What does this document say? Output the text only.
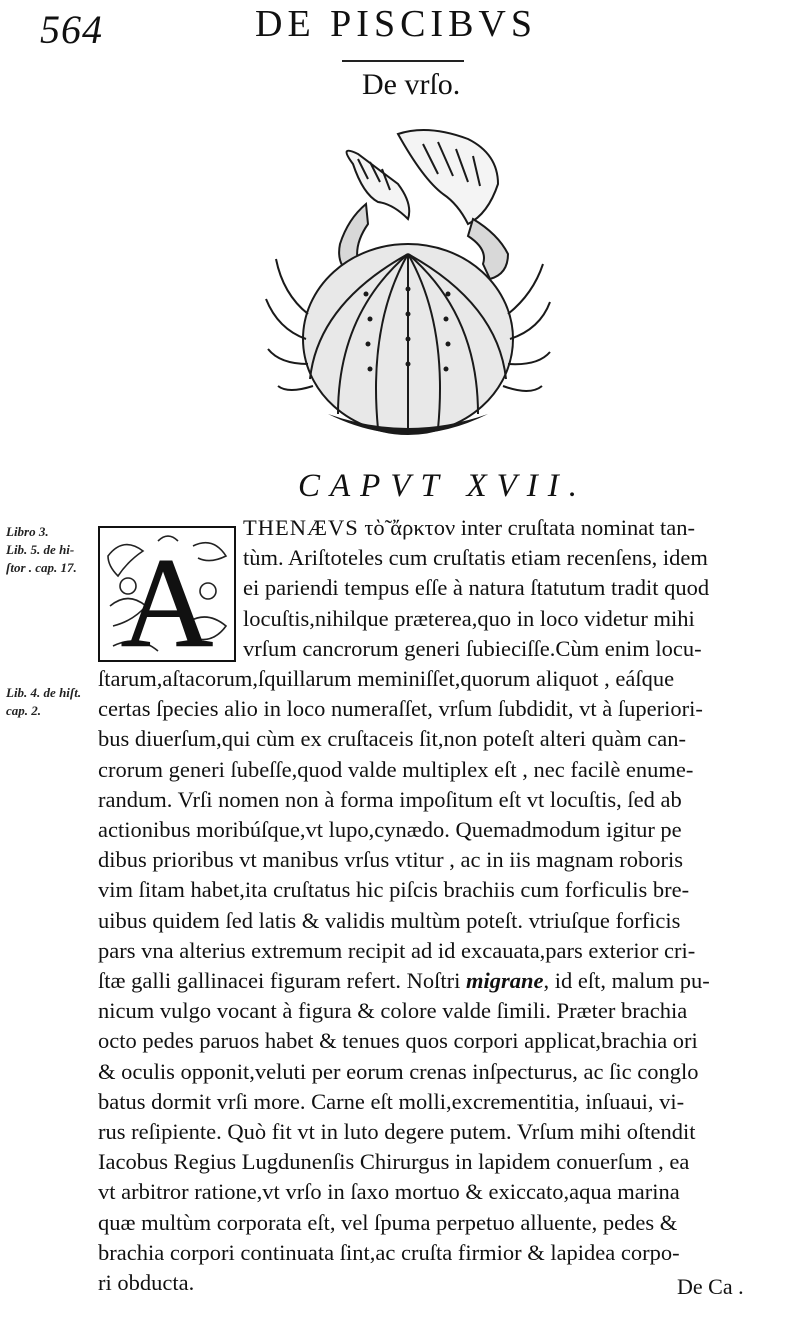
564	DE PISCIBVS
De vrſo.
CAPVT XVII.
Libro 3.
Lib. 5. de hi-
ſtor . cap. 17.
Lib. 4. de hiſt.
cap. 2.
A
THENÆVS τὸ̃ ἄρκτον inter cruſtata nominat tan-
tùm. Ariſtoteles cum cruſtatis etiam recenſens, idem
ei pariendi tempus eſſe à natura ſtatutum tradit quod
locuſtis,nihilque præterea,quo in loco videtur mihi
vrſum cancrorum generi ſubieciſſe.Cùm enim locu-
ſtarum,aſtacorum,ſquillarum meminiſſet,quorum aliquot , eáſque
certas ſpecies alio in loco numeraſſet, vrſum ſubdidit, vt à ſuperiori-
bus diuerſum,qui cùm ex cruſtaceis ſit,non poteſt alteri quàm can-
crorum generi ſubeſſe,quod valde multiplex eſt , nec facilè enume-
randum. Vrſi nomen non à forma impoſitum eſt vt locuſtis, ſed ab
actionibus moribúſque,vt lupo,cynædo. Quemadmodum igitur pe
dibus prioribus vt manibus vrſus vtitur , ac in iis magnam roboris
vim ſitam habet,ita cruſtatus hic piſcis brachiis cum forficulis bre-
uibus quidem ſed latis & validis multùm poteſt. vtriuſque forficis
pars vna alterius extremum recipit ad id excauata,pars exterior cri-
ſtæ galli gallinacei figuram refert. Noſtri migrane, id eſt, malum pu-
nicum vulgo vocant à figura & colore valde ſimili. Præter brachia
octo pedes paruos habet & tenues quos corpori applicat,brachia ori
& oculis opponit,veluti per eorum crenas inſpecturus, ac ſic conglo
batus dormit vrſi more. Carne eſt molli,excrementitia, inſuaui, vi-
rus reſipiente. Quò fit vt in luto degere putem. Vrſum mihi oſtendit
Iacobus Regius Lugdunenſis Chirurgus in lapidem conuerſum , ea
vt arbitror ratione,vt vrſo in ſaxo mortuo & exiccato,aqua marina
quæ multùm corporata eſt, vel ſpuma perpetuo alluente, pedes &
brachia corpori continuata ſint,ac cruſta firmior & lapidea corpo-
ri obducta.	De Ca .
